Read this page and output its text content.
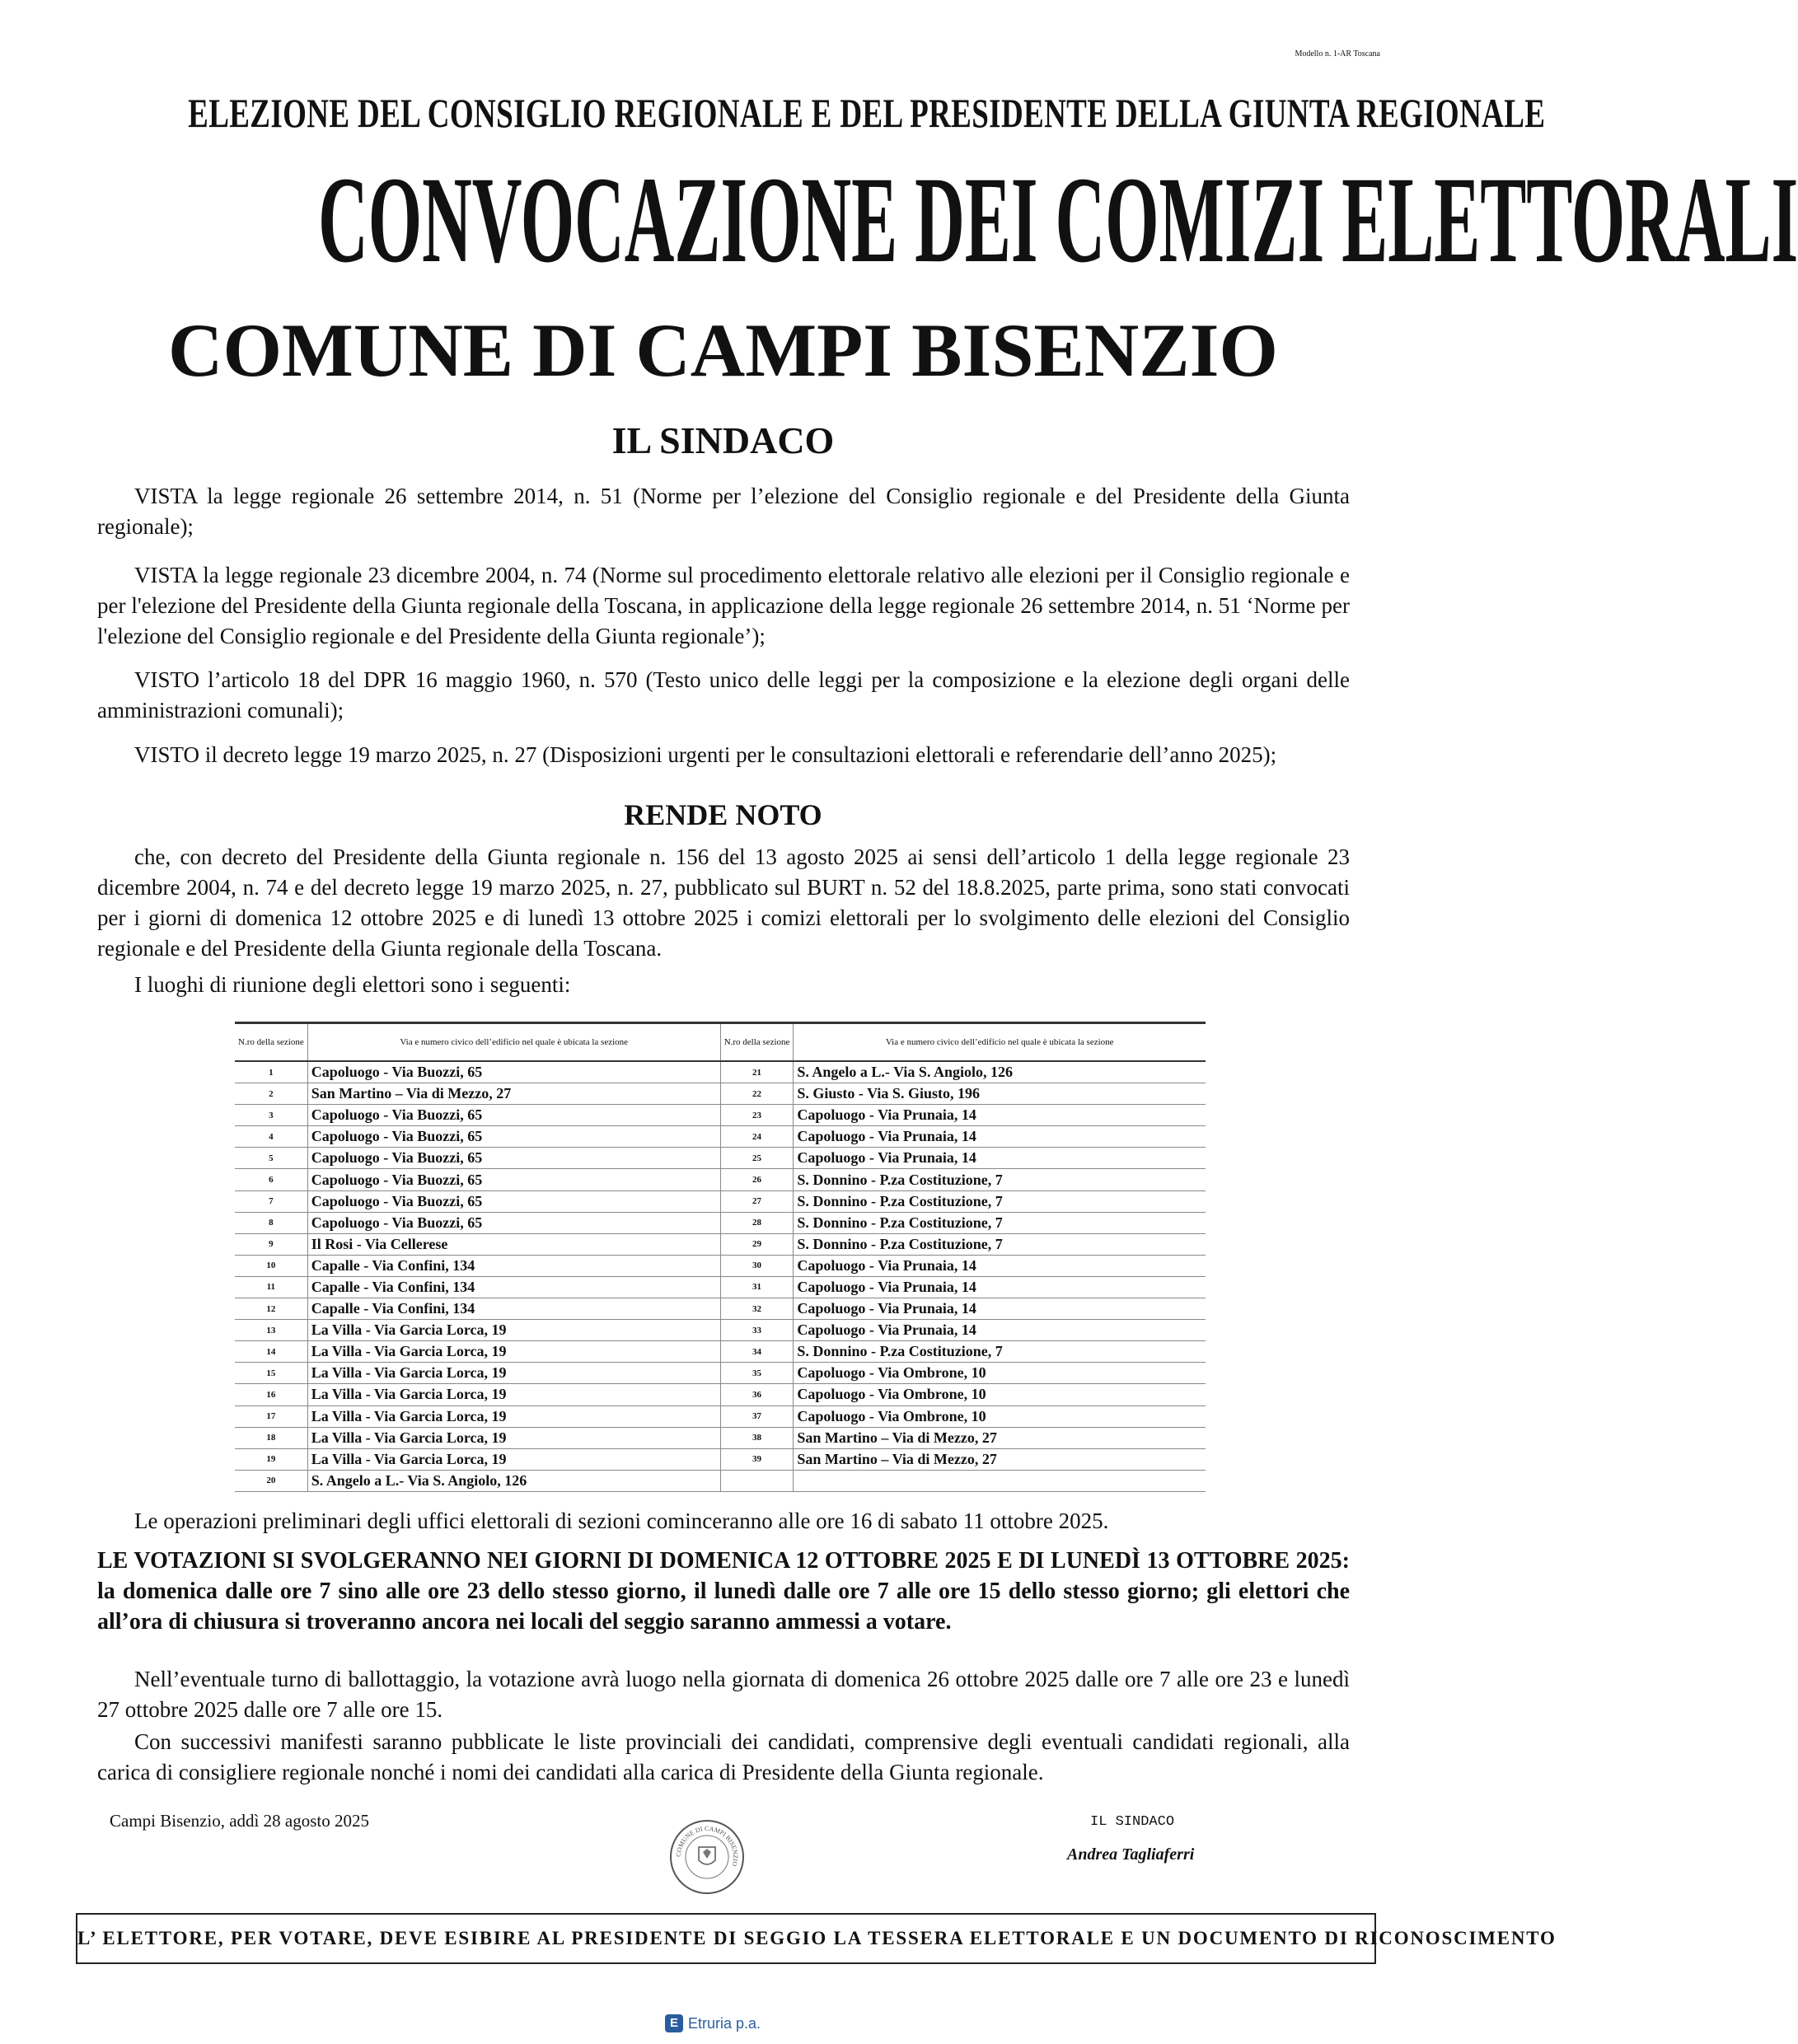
Modello n. 1-AR Toscana
ELEZIONE DEL CONSIGLIO REGIONALE E DEL PRESIDENTE DELLA GIUNTA REGIONALE
CONVOCAZIONE DEI COMIZI ELETTORALI
COMUNE DI CAMPI BISENZIO
IL SINDACO
VISTA la legge regionale 26 settembre 2014, n. 51 (Norme per l’elezione del Consiglio regionale e del Presidente della Giunta regionale);
VISTA la legge regionale 23 dicembre 2004, n. 74 (Norme sul procedimento elettorale relativo alle elezioni per il Consiglio regionale e per l'elezione del Presidente della Giunta regionale della Toscana, in applicazione della legge regionale 26 settembre 2014, n. 51 ‘Norme per l'elezione del Consiglio regionale e del Presidente della Giunta regionale’);
VISTO l’articolo 18 del DPR 16 maggio 1960, n. 570 (Testo unico delle leggi per la composizione e la elezione degli organi delle amministrazioni comunali);
VISTO il decreto legge 19 marzo 2025, n. 27 (Disposizioni urgenti per le consultazioni elettorali e referendarie dell’anno 2025);
RENDE NOTO
che, con decreto del Presidente della Giunta regionale n. 156 del 13 agosto 2025 ai sensi dell’articolo 1 della legge regionale 23 dicembre 2004, n. 74 e del decreto legge 19 marzo 2025, n. 27, pubblicato sul BURT n. 52 del 18.8.2025, parte prima, sono stati convocati per i giorni di domenica 12 ottobre 2025 e di lunedì 13 ottobre 2025 i comizi elettorali per lo svolgimento delle elezioni del Consiglio regionale e del Presidente della Giunta regionale della Toscana.
I luoghi di riunione degli elettori sono i seguenti:
N.ro della sezione	Via e numero civico dell’edificio nel quale è ubicata la sezione	N.ro della sezione	Via e numero civico dell’edificio nel quale è ubicata la sezione
1	Capoluogo - Via Buozzi, 65	21	S. Angelo a L.- Via S. Angiolo, 126
2	San Martino – Via di Mezzo, 27	22	S. Giusto - Via S. Giusto, 196
3	Capoluogo - Via Buozzi, 65	23	Capoluogo - Via Prunaia, 14
4	Capoluogo - Via Buozzi, 65	24	Capoluogo - Via Prunaia, 14
5	Capoluogo - Via Buozzi, 65	25	Capoluogo - Via Prunaia, 14
6	Capoluogo - Via Buozzi, 65	26	S. Donnino - P.za Costituzione, 7
7	Capoluogo - Via Buozzi, 65	27	S. Donnino - P.za Costituzione, 7
8	Capoluogo - Via Buozzi, 65	28	S. Donnino - P.za Costituzione, 7
9	Il Rosi - Via Cellerese	29	S. Donnino - P.za Costituzione, 7
10	Capalle - Via Confini, 134	30	Capoluogo - Via Prunaia, 14
11	Capalle - Via Confini, 134	31	Capoluogo - Via Prunaia, 14
12	Capalle - Via Confini, 134	32	Capoluogo - Via Prunaia, 14
13	La Villa - Via Garcia Lorca, 19	33	Capoluogo - Via Prunaia, 14
14	La Villa - Via Garcia Lorca, 19	34	S. Donnino - P.za Costituzione, 7
15	La Villa - Via Garcia Lorca, 19	35	Capoluogo - Via Ombrone, 10
16	La Villa - Via Garcia Lorca, 19	36	Capoluogo - Via Ombrone, 10
17	La Villa - Via Garcia Lorca, 19	37	Capoluogo - Via Ombrone, 10
18	La Villa - Via Garcia Lorca, 19	38	San Martino – Via di Mezzo, 27
19	La Villa - Via Garcia Lorca, 19	39	San Martino – Via di Mezzo, 27
20	S. Angelo a L.- Via S. Angiolo, 126		
Le operazioni preliminari degli uffici elettorali di sezioni cominceranno alle ore 16 di sabato 11 ottobre 2025.
LE VOTAZIONI SI SVOLGERANNO NEI GIORNI DI DOMENICA 12 OTTOBRE 2025 E DI LUNEDÌ 13 OTTOBRE 2025: la domenica dalle ore 7 sino alle ore 23 dello stesso giorno, il lunedì dalle ore 7 alle ore 15 dello stesso giorno; gli elettori che all’ora di chiusura si troveranno ancora nei locali del seggio saranno ammessi a votare.
Nell’eventuale turno di ballottaggio, la votazione avrà luogo nella giornata di domenica 26 ottobre 2025 dalle ore 7 alle ore 23 e lunedì 27 ottobre 2025 dalle ore 7 alle ore 15.
Con successivi manifesti saranno pubblicate le liste provinciali dei candidati, comprensive degli eventuali candidati regionali, alla carica di consigliere regionale nonché i nomi dei candidati alla carica di Presidente della Giunta regionale.
Campi Bisenzio, addì 28 agosto 2025
COMUNE DI CAMPI BISENZIO
IL SINDACO
Andrea Tagliaferri
L’ ELETTORE, PER VOTARE, DEVE ESIBIRE AL PRESIDENTE DI SEGGIO LA TESSERA ELETTORALE E UN DOCUMENTO DI RICONOSCIMENTO
E Etruria p.a.
